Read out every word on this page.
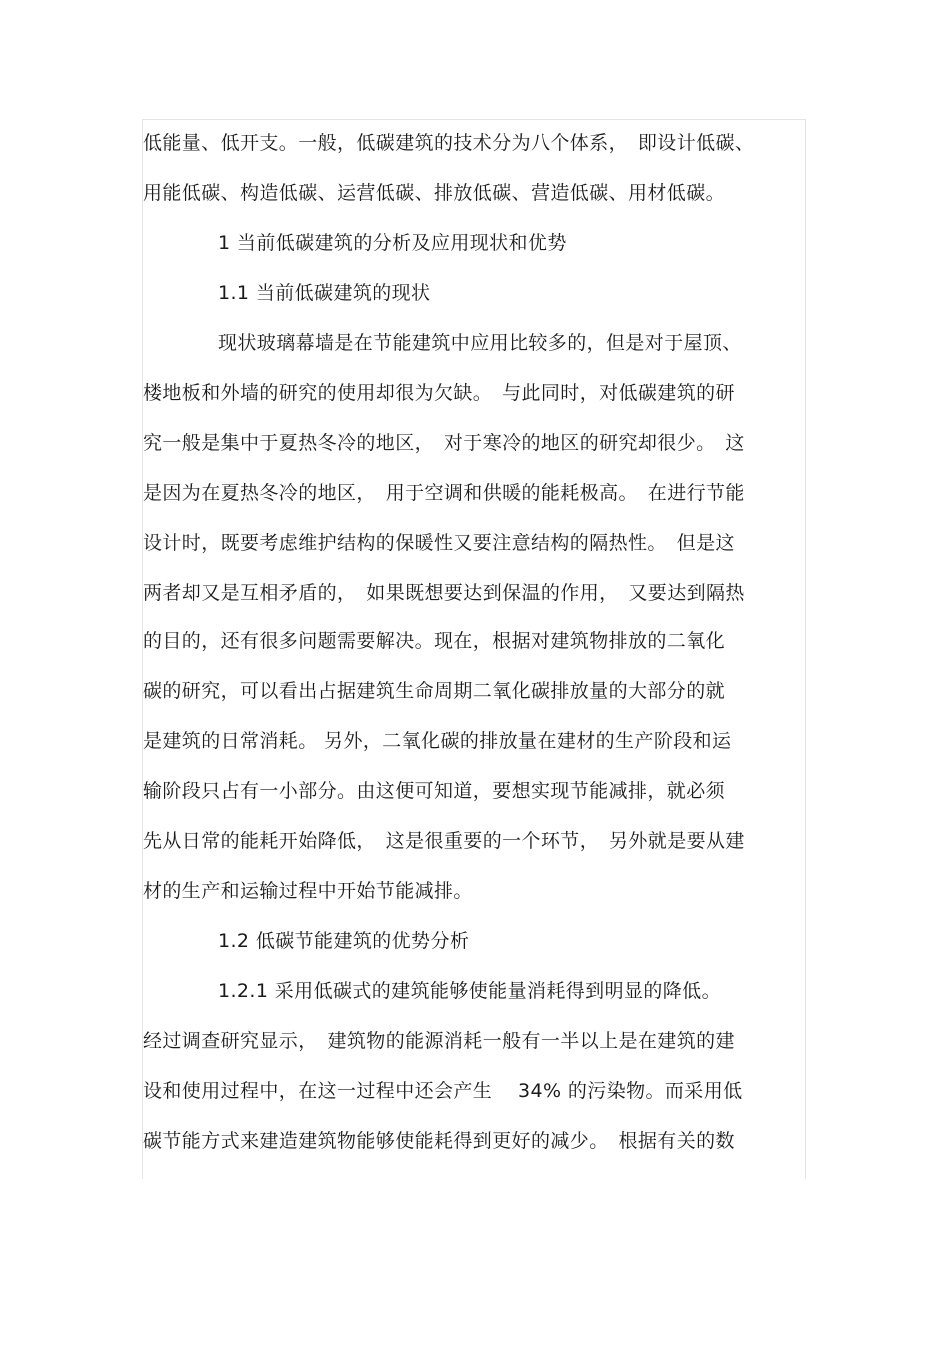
低能量、低开支。一般，低碳建筑的技术分为八个体系，　即设计低碳、
用能低碳、构造低碳、运营低碳、排放低碳、营造低碳、用材低碳。
1 当前低碳建筑的分析及应用现状和优势
1.1 当前低碳建筑的现状
现状玻璃幕墙是在节能建筑中应用比较多的，但是对于屋顶、
楼地板和外墙的研究的使用却很为欠缺。　与此同时，对低碳建筑的研
究一般是集中于夏热冬冷的地区，　对于寒冷的地区的研究却很少。　这
是因为在夏热冬冷的地区，　用于空调和供暖的能耗极高。　在进行节能
设计时，既要考虑维护结构的保暖性又要注意结构的隔热性。　但是这
两者却又是互相矛盾的，　如果既想要达到保温的作用，　又要达到隔热
的目的，还有很多问题需要解决。现在，根据对建筑物排放的二氧化
碳的研究，可以看出占据建筑生命周期二氧化碳排放量的大部分的就
是建筑的日常消耗。 另外，二氧化碳的排放量在建材的生产阶段和运
输阶段只占有一小部分。由这便可知道，要想实现节能减排，就必须
先从日常的能耗开始降低，　这是很重要的一个环节，　另外就是要从建
材的生产和运输过程中开始节能减排。
1.2 低碳节能建筑的优势分析
1.2.1 采用低碳式的建筑能够使能量消耗得到明显的降低。
经过调查研究显示，　建筑物的能源消耗一般有一半以上是在建筑的建
设和使用过程中，在这一过程中还会产生　 34% 的污染物。而采用低
碳节能方式来建造建筑物能够使能耗得到更好的减少。　根据有关的数
